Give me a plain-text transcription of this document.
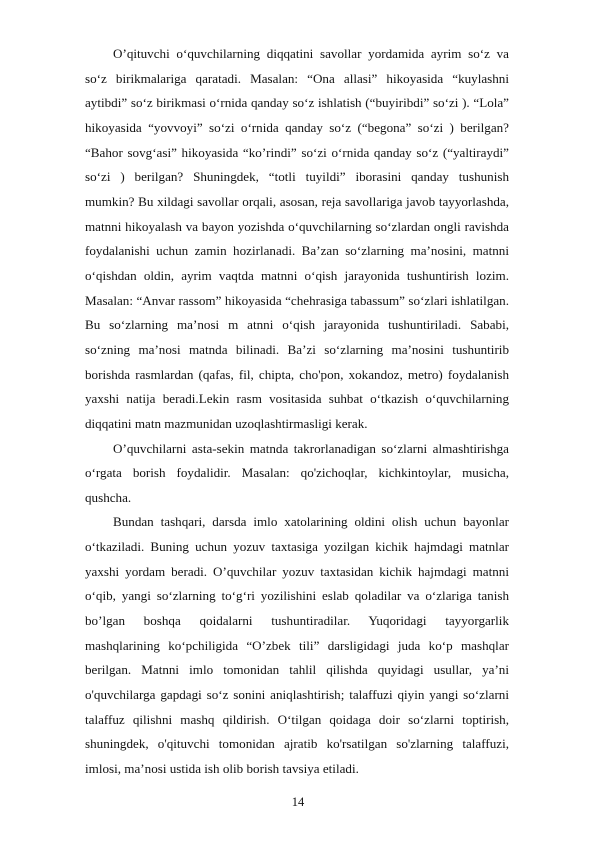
O’qituvchi o‘quvchilarning diqqatini savollar yordamida ayrim so‘z va so‘z birikmalariga qaratadi. Masalan: “Ona allasi” hikoyasida “kuylashni aytibdi” so‘z birikmasi o‘rnida qanday so‘z ishlatish (“buyiribdi” so‘zi ). “Lola” hikoyasida “yovvoyi” so‘zi o‘rnida qanday so‘z (“begona” so‘zi ) berilgan? “Bahor sovg‘asi” hikoyasida “ko’rindi” so‘zi o‘rnida qanday so‘z (“yaltiraydi” so‘zi ) berilgan? Shuningdek, “totli tuyildi” iborasini qanday tushunish mumkin? Bu xildagi savollar orqali, asosan, reja savollariga javob tayyorlashda, matnni hikoyalash va bayon yozishda o‘quvchilarning so‘zlardan ongli ravishda foydalanishi uchun zamin hozirlanadi. Ba’zan so‘zlarning ma’nosini, matnni o‘qishdan oldin, ayrim vaqtda matnni o‘qish jarayonida tushuntirish lozim. Masalan: “Anvar rassom” hikoyasida “chehrasiga tabassum” so‘zlari ishlatilgan. Bu so‘zlarning ma’nosi m atnni o‘qish jarayonida tushuntiriladi. Sababi, so‘zning ma’nosi matnda bilinadi. Ba’zi so‘zlarning ma’nosini tushuntirib borishda rasmlardan (qafas, fil, chipta, cho'pon, xokandoz, metro) foydalanish yaxshi natija beradi.Lekin rasm vositasida suhbat o‘tkazish o‘quvchilarning diqqatini matn mazmunidan uzoqlashtirmasligi kerak.

O’quvchilarni asta-sekin matnda takrorlanadigan so‘zlarni almashtirishga o‘rgata borish foydalidir. Masalan: qo'zichoqlar, kichkintoylar, musicha, qushcha.

Bundan tashqari, darsda imlo xatolarining oldini olish uchun bayonlar o‘tkaziladi. Buning uchun yozuv taxtasiga yozilgan kichik hajmdagi matnlar yaxshi yordam beradi. O’quvchilar yozuv taxtasidan kichik hajmdagi matnni o‘qib, yangi so‘zlarning to‘g‘ri yozilishini eslab qoladilar va o‘zlariga tanish bo’lgan boshqa qoidalarni tushuntiradilar. Yuqoridagi tayyorgarlik mashqlarining ko‘pchiligida “O’zbek tili” darsligidagi juda ko‘p mashqlar berilgan. Matnni imlo tomonidan tahlil qilishda quyidagi usullar, ya’ni o'quvchilarga gapdagi so‘z sonini aniqlashtirish; talaffuzi qiyin yangi so‘zlarni talaffuz qilishni mashq qildirish. O‘tilgan qoidaga doir so‘zlarni toptirish, shuningdek, o'qituvchi tomonidan ajratib ko'rsatilgan so'zlarning talaffuzi, imlosi, ma’nosi ustida ish olib borish tavsiya etiladi.

14
